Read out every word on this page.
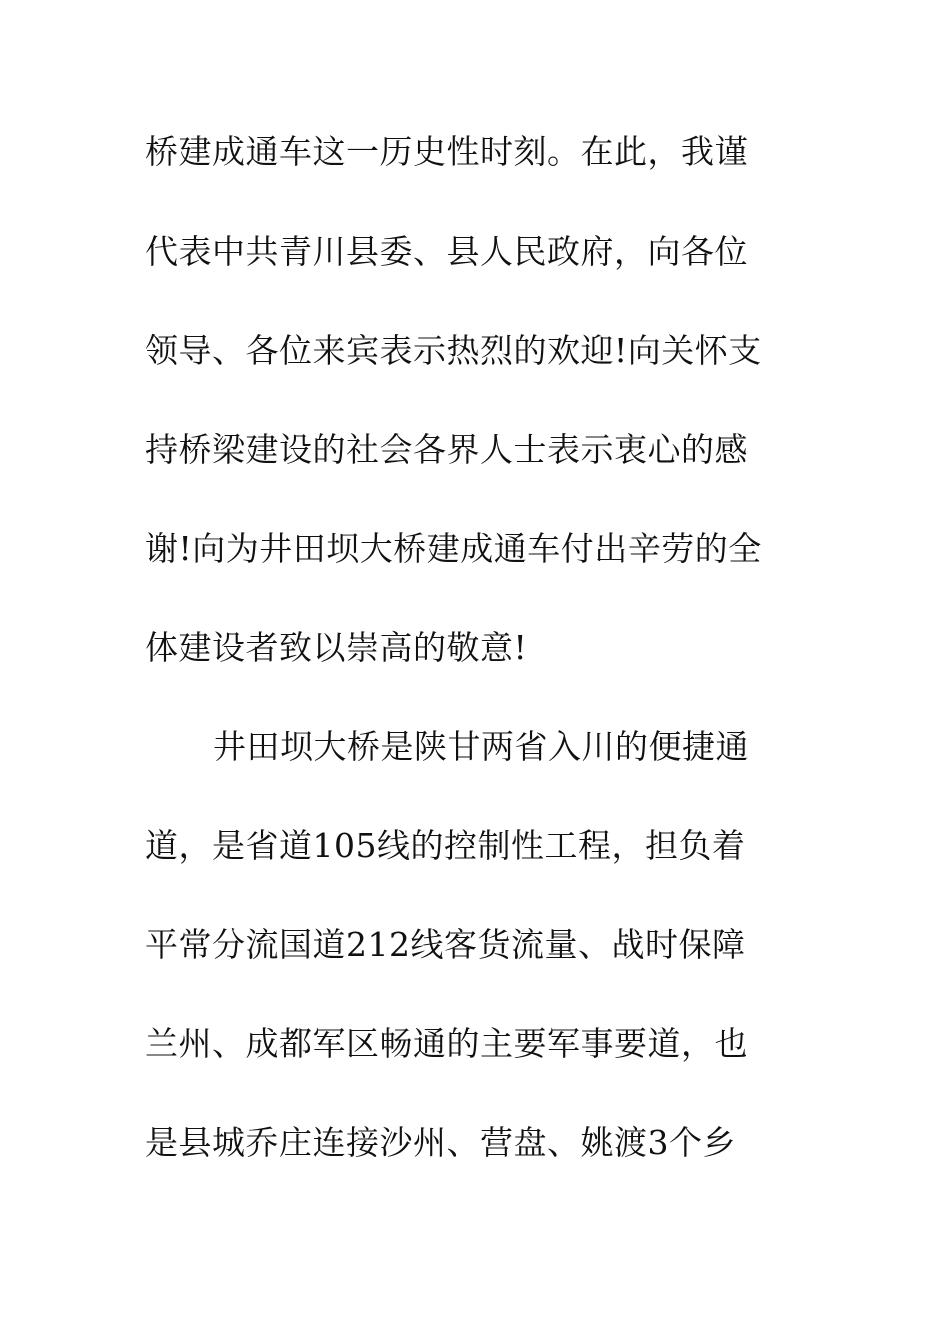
桥建成通车这一历史性时刻。在此，我谨
代表中共青川县委、县人民政府，向各位
领导、各位来宾表示热烈的欢迎!向关怀支
持桥梁建设的社会各界人士表示衷心的感
谢!向为井田坝大桥建成通车付出辛劳的全
体建设者致以崇高的敬意!
井田坝大桥是陕甘两省入川的便捷通
道，是省道105线的控制性工程，担负着
平常分流国道212线客货流量、战时保障
兰州、成都军区畅通的主要军事要道，也
是县城乔庄连接沙州、营盘、姚渡3个乡
